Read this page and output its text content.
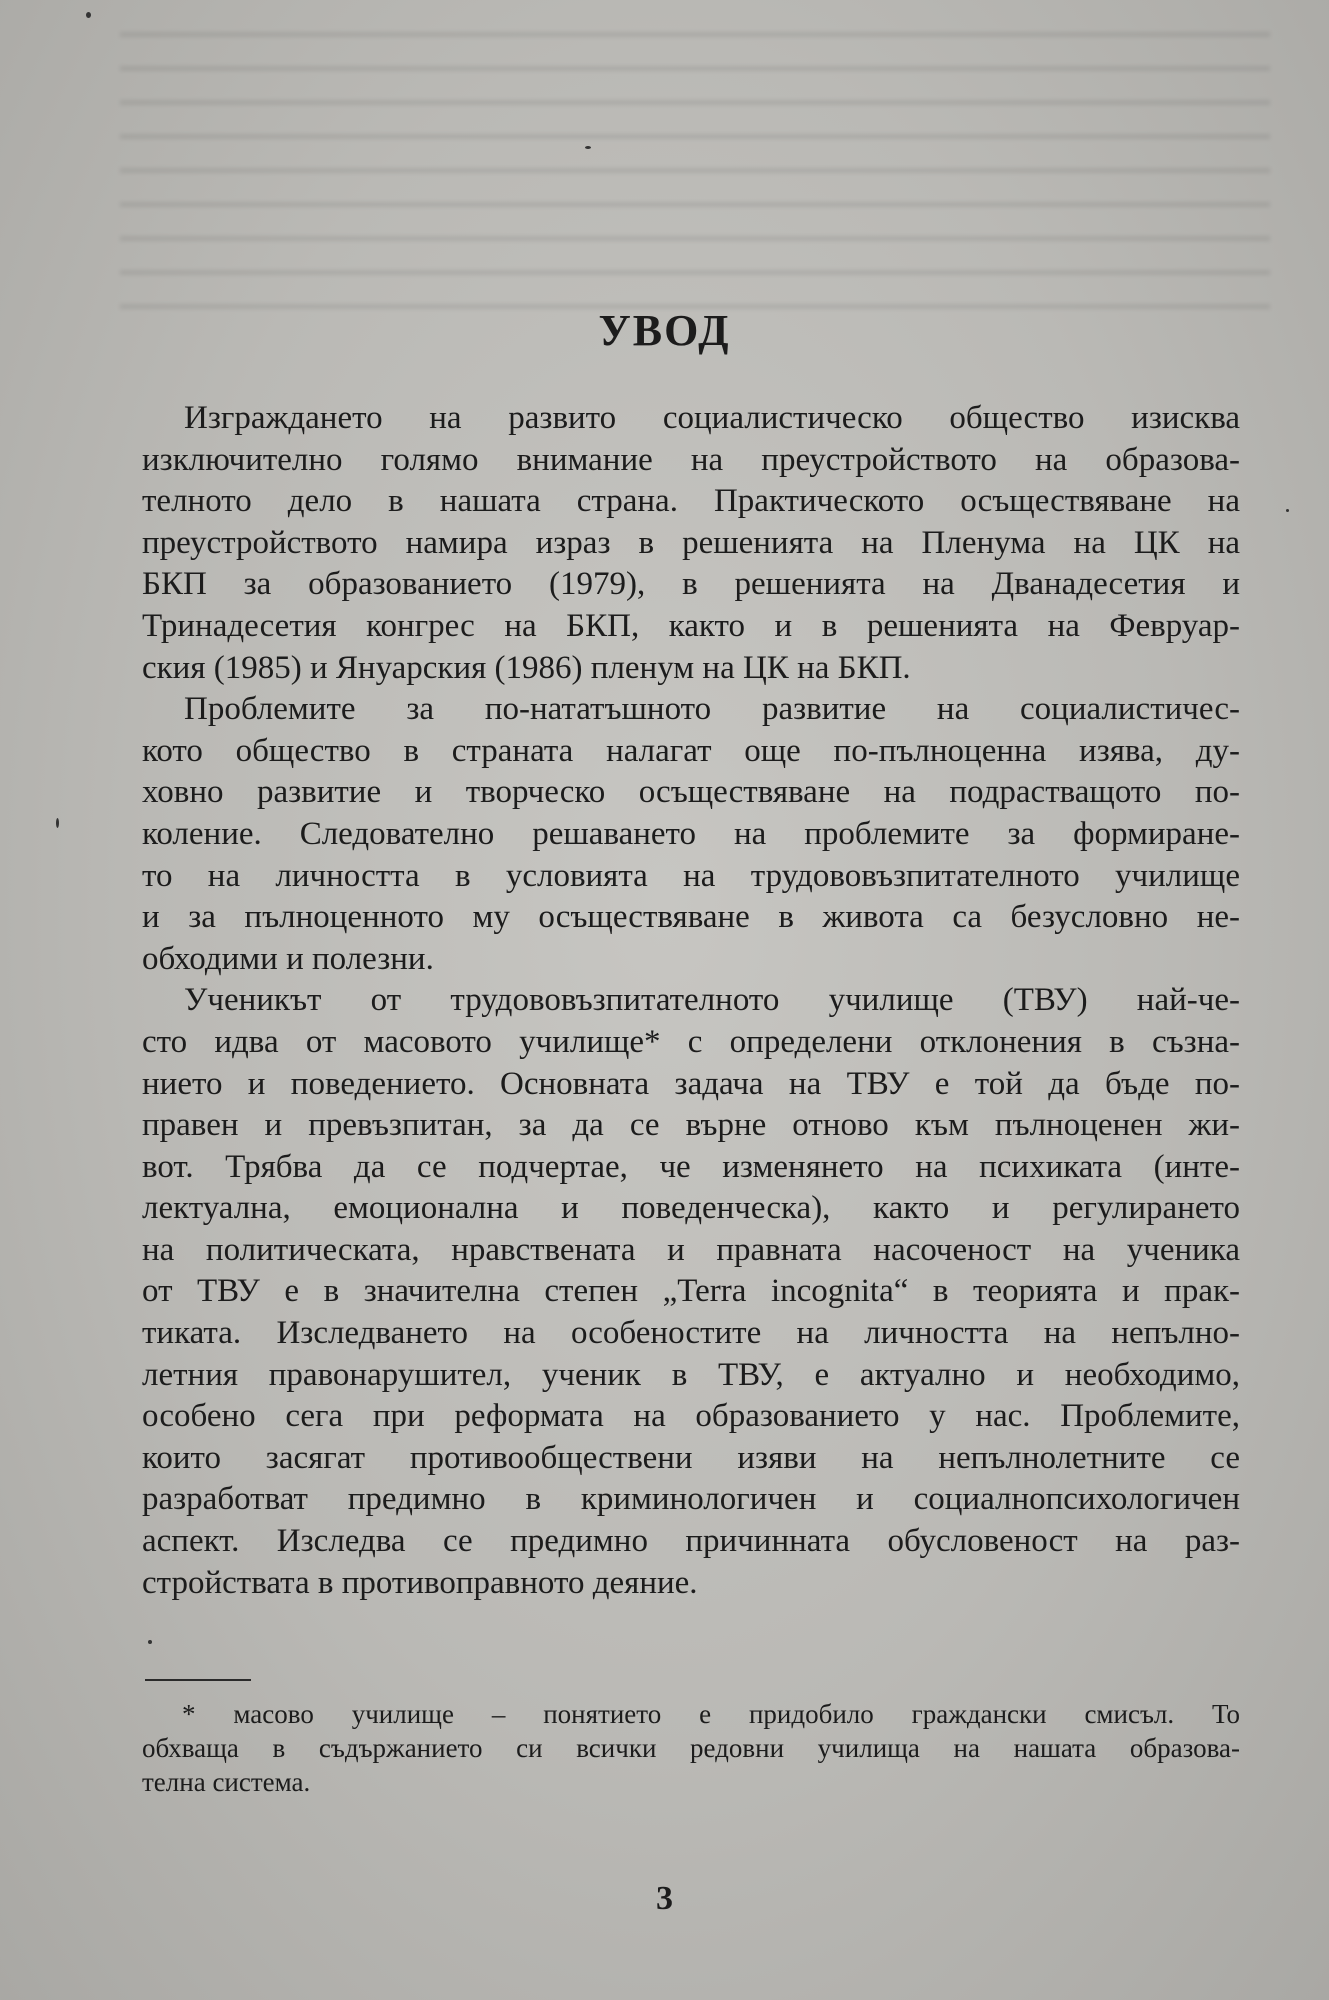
УВОД

Изграждането на развито социалистическо общество изисква
изключително голямо внимание на преустройството на образова-
телното дело в нашата страна. Практическото осъществяване на
преустройството намира израз в решенията на Пленума на ЦК на
БКП за образованието (1979), в решенията на Дванадесетия и
Тринадесетия конгрес на БКП, както и в решенията на Февруар-
ския (1985) и Януарския (1986) пленум на ЦК на БКП.

Проблемите за по-нататъшното развитие на социалистичес-
кото общество в страната налагат още по-пълноценна изява, ду-
ховно развитие и творческо осъществяване на подрастващото по-
коление. Следователно решаването на проблемите за формиране-
то на личността в условията на трудововъзпитателното училище
и за пълноценното му осъществяване в живота са безусловно не-
обходими и полезни.

Ученикът от трудововъзпитателното училище (ТВУ) най-че-
сто идва от масовото училище* с определени отклонения в съзна-
нието и поведението. Основната задача на ТВУ е той да бъде по-
правен и превъзпитан, за да се върне отново към пълноценен жи-
вот. Трябва да се подчертае, че изменянето на психиката (инте-
лектуална, емоционална и поведенческа), както и регулирането
на политическата, нравствената и правната насоченост на ученика
от ТВУ е в значителна степен „Terra incognita“ в теорията и прак-
тиката. Изследването на особеностите на личността на непълно-
летния правонарушител, ученик в ТВУ, е актуално и необходимо,
особено сега при реформата на образованието у нас. Проблемите,
които засягат противообществени изяви на непълнолетните се
разработват предимно в криминологичен и социалнопсихологичен
аспект. Изследва се предимно причинната обусловеност на раз-
стройствата в противоправното деяние.

* масово училище – понятието е придобило граждански смисъл. То
обхваща в съдържанието си всички редовни училища на нашата образова-
телна система.
3
